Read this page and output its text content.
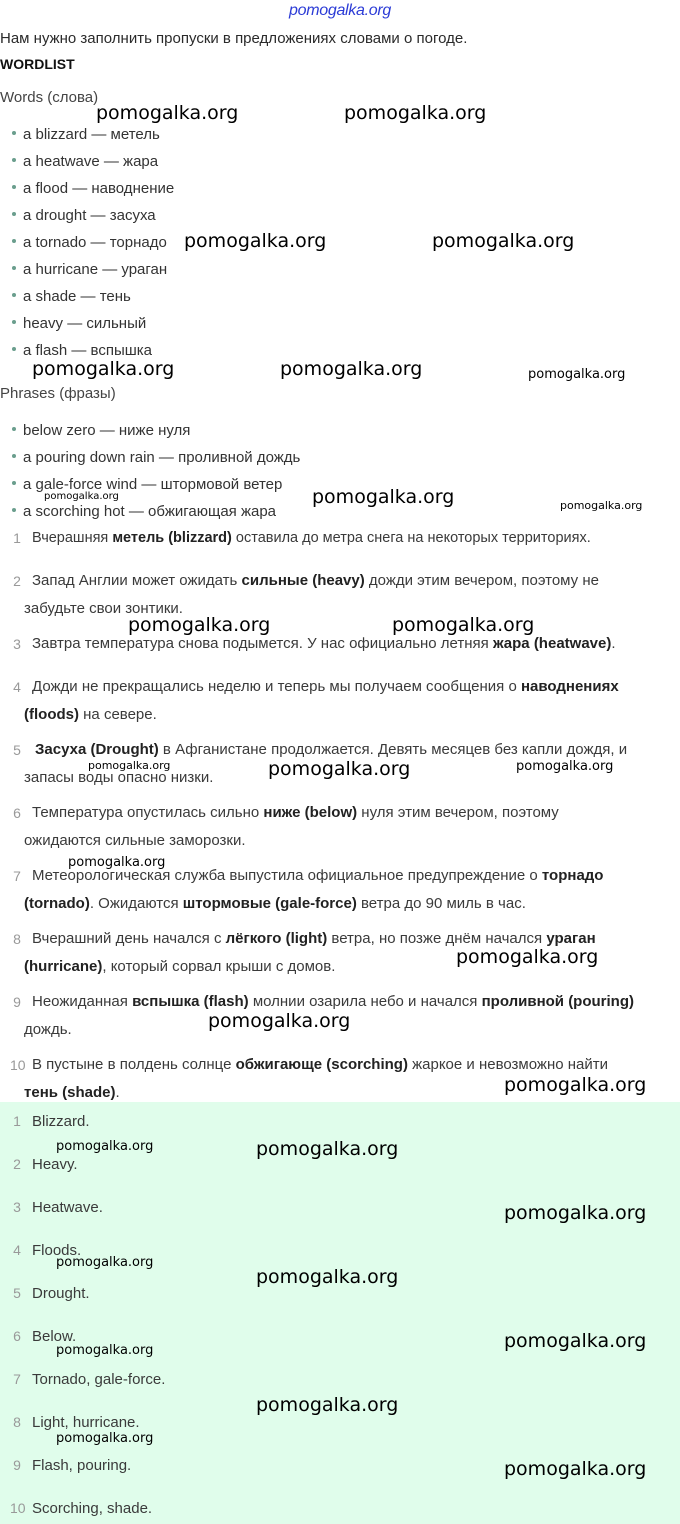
pomogalka.org
Нам нужно заполнить пропуски в предложениях словами о погоде.
WORDLIST
Words (слова)
a blizzard — метель
a heatwave — жара
a flood — наводнение
a drought — засуха
a tornado — торнадо
a hurricane — ураган
a shade — тень
heavy — сильный
a flash — вспышка
Phrases (фразы)
below zero — ниже нуля
a pouring down rain — проливной дождь
a gale-force wind — штормовой ветер
a scorching hot — обжигающая жара
1 Вчерашняя метель (blizzard) оставила до метра снега на некоторых территориях.
2 Запад Англии может ожидать сильные (heavy) дожди этим вечером, поэтому не
забудьте свои зонтики.
3 Завтра температура снова подымется. У нас официально летняя жара (heatwave).
4 Дожди не прекращались неделю и теперь мы получаем сообщения о наводнениях
(floods) на севере.
5 Засуха (Drought) в Афганистане продолжается. Девять месяцев без капли дождя, и
запасы воды опасно низки.
6 Температура опустилась сильно ниже (below) нуля этим вечером, поэтому
ожидаются сильные заморозки.
7 Метеорологическая служба выпустила официальное предупреждение о торнадо
(tornado). Ожидаются штормовые (gale-force) ветра до 90 миль в час.
8 Вчерашний день начался с лёгкого (light) ветра, но позже днём начался ураган
(hurricane), который сорвал крыши с домов.
9 Неожиданная вспышка (flash) молнии озарила небо и начался проливной (pouring)
дождь.
10 В пустыне в полдень солнце обжигающе (scorching) жаркое и невозможно найти
тень (shade).
1 Blizzard.
2 Heavy.
3 Heatwave.
4 Floods.
5 Drought.
6 Below.
7 Tornado, gale-force.
8 Light, hurricane.
9 Flash, pouring.
10 Scorching, shade.
pomogalka.org	pomogalka.org
pomogalka.org	pomogalka.org
pomogalka.org	pomogalka.org	pomogalka.org
pomogalka.org	pomogalka.org	pomogalka.org
pomogalka.org	pomogalka.org
pomogalka.org	pomogalka.org
pomogalka.org
pomogalka.org
pomogalka.org
pomogalka.org
pomogalka.org
pomogalka.org
pomogalka.org
pomogalka.org
pomogalka.org
pomogalka.org
pomogalka.org
pomogalka.org
pomogalka.org
pomogalka.org
pomogalka.org
